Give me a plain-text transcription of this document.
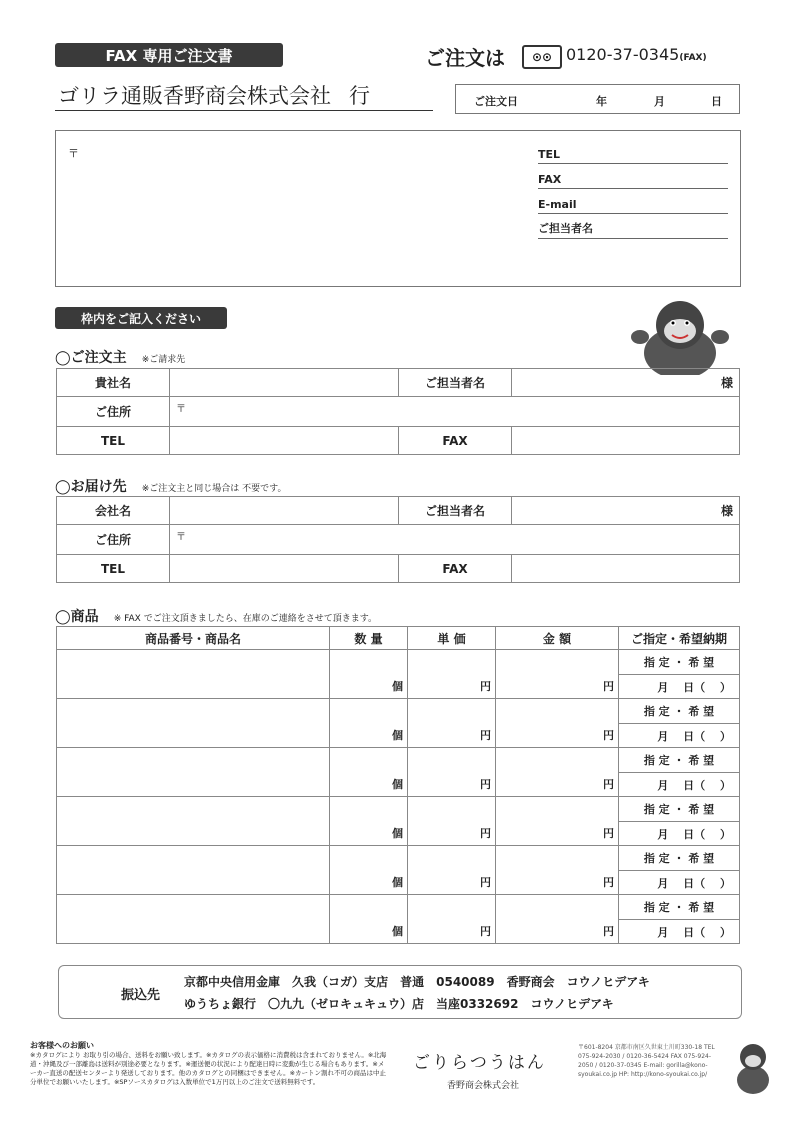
FAX 専用ご注文書	ご注文は	⊙⊙ 0120-37-0345(FAX)
ゴリラ通販香野商会株式会社 行	ご注文日	年	月	日
〒	TEL
FAX
E-mail
ご担当者名
枠内をご記入ください
◯ご注文主 ※ご請求先
貴社名		ご担当者名	様
ご住所	〒		
TEL		FAX	
◯お届け先 ※ご注文主と同じ場合は 不要です。
会社名		ご担当者名	様
ご住所	〒		
TEL		FAX	
◯商品 ※ FAX でご注文頂きましたら、在庫のご連絡をさせて頂きます。
商品番号・商品名	数 量	単 価	金 額	ご指定・希望納期
	個	円	円	指 定 ・ 希 望
				月　 日（　 ）
	個	円	円	指 定 ・ 希 望
				月　 日（　 ）
	個	円	円	指 定 ・ 希 望
				月　 日（　 ）
	個	円	円	指 定 ・ 希 望
				月　 日（　 ）
	個	円	円	指 定 ・ 希 望
				月　 日（　 ）
	個	円	円	指 定 ・ 希 望
				月　 日（　 ）
振込先
京都中央信用金庫　久我（コガ）支店　普通　0540089　香野商会　コウノヒデアキ
ゆうちょ銀行　〇九九（ゼロキュキュウ）店　当座0332692　コウノヒデアキ
お客様へのお願い
※カタログにより お取り引の場合、送料をお願い致します。※カタログの表示価格に消費税は含まれておりません。※北海道・沖縄及び一部離島は送料が別途必要となります。※運送便の状況により配達日時に変動が生じる場合もあります。※メーカー直送の配送センターより発送しております。他のカタログとの同梱はできません。※カートン割れ不可の商品は中止分単位でお願いいたします。※SPソースカタログは入数単位で1万円以上のご注文で送料無料です。
ごりらつうはん
香野商会株式会社
〒601-8204 京都市南区久世東土川町330-18 TEL 075-924-2030 / 0120-36-5424 FAX 075-924-2050 / 0120-37-0345 E-mail: gorilla@kono-syoukai.co.jp HP: http://kono-syoukai.co.jp/
